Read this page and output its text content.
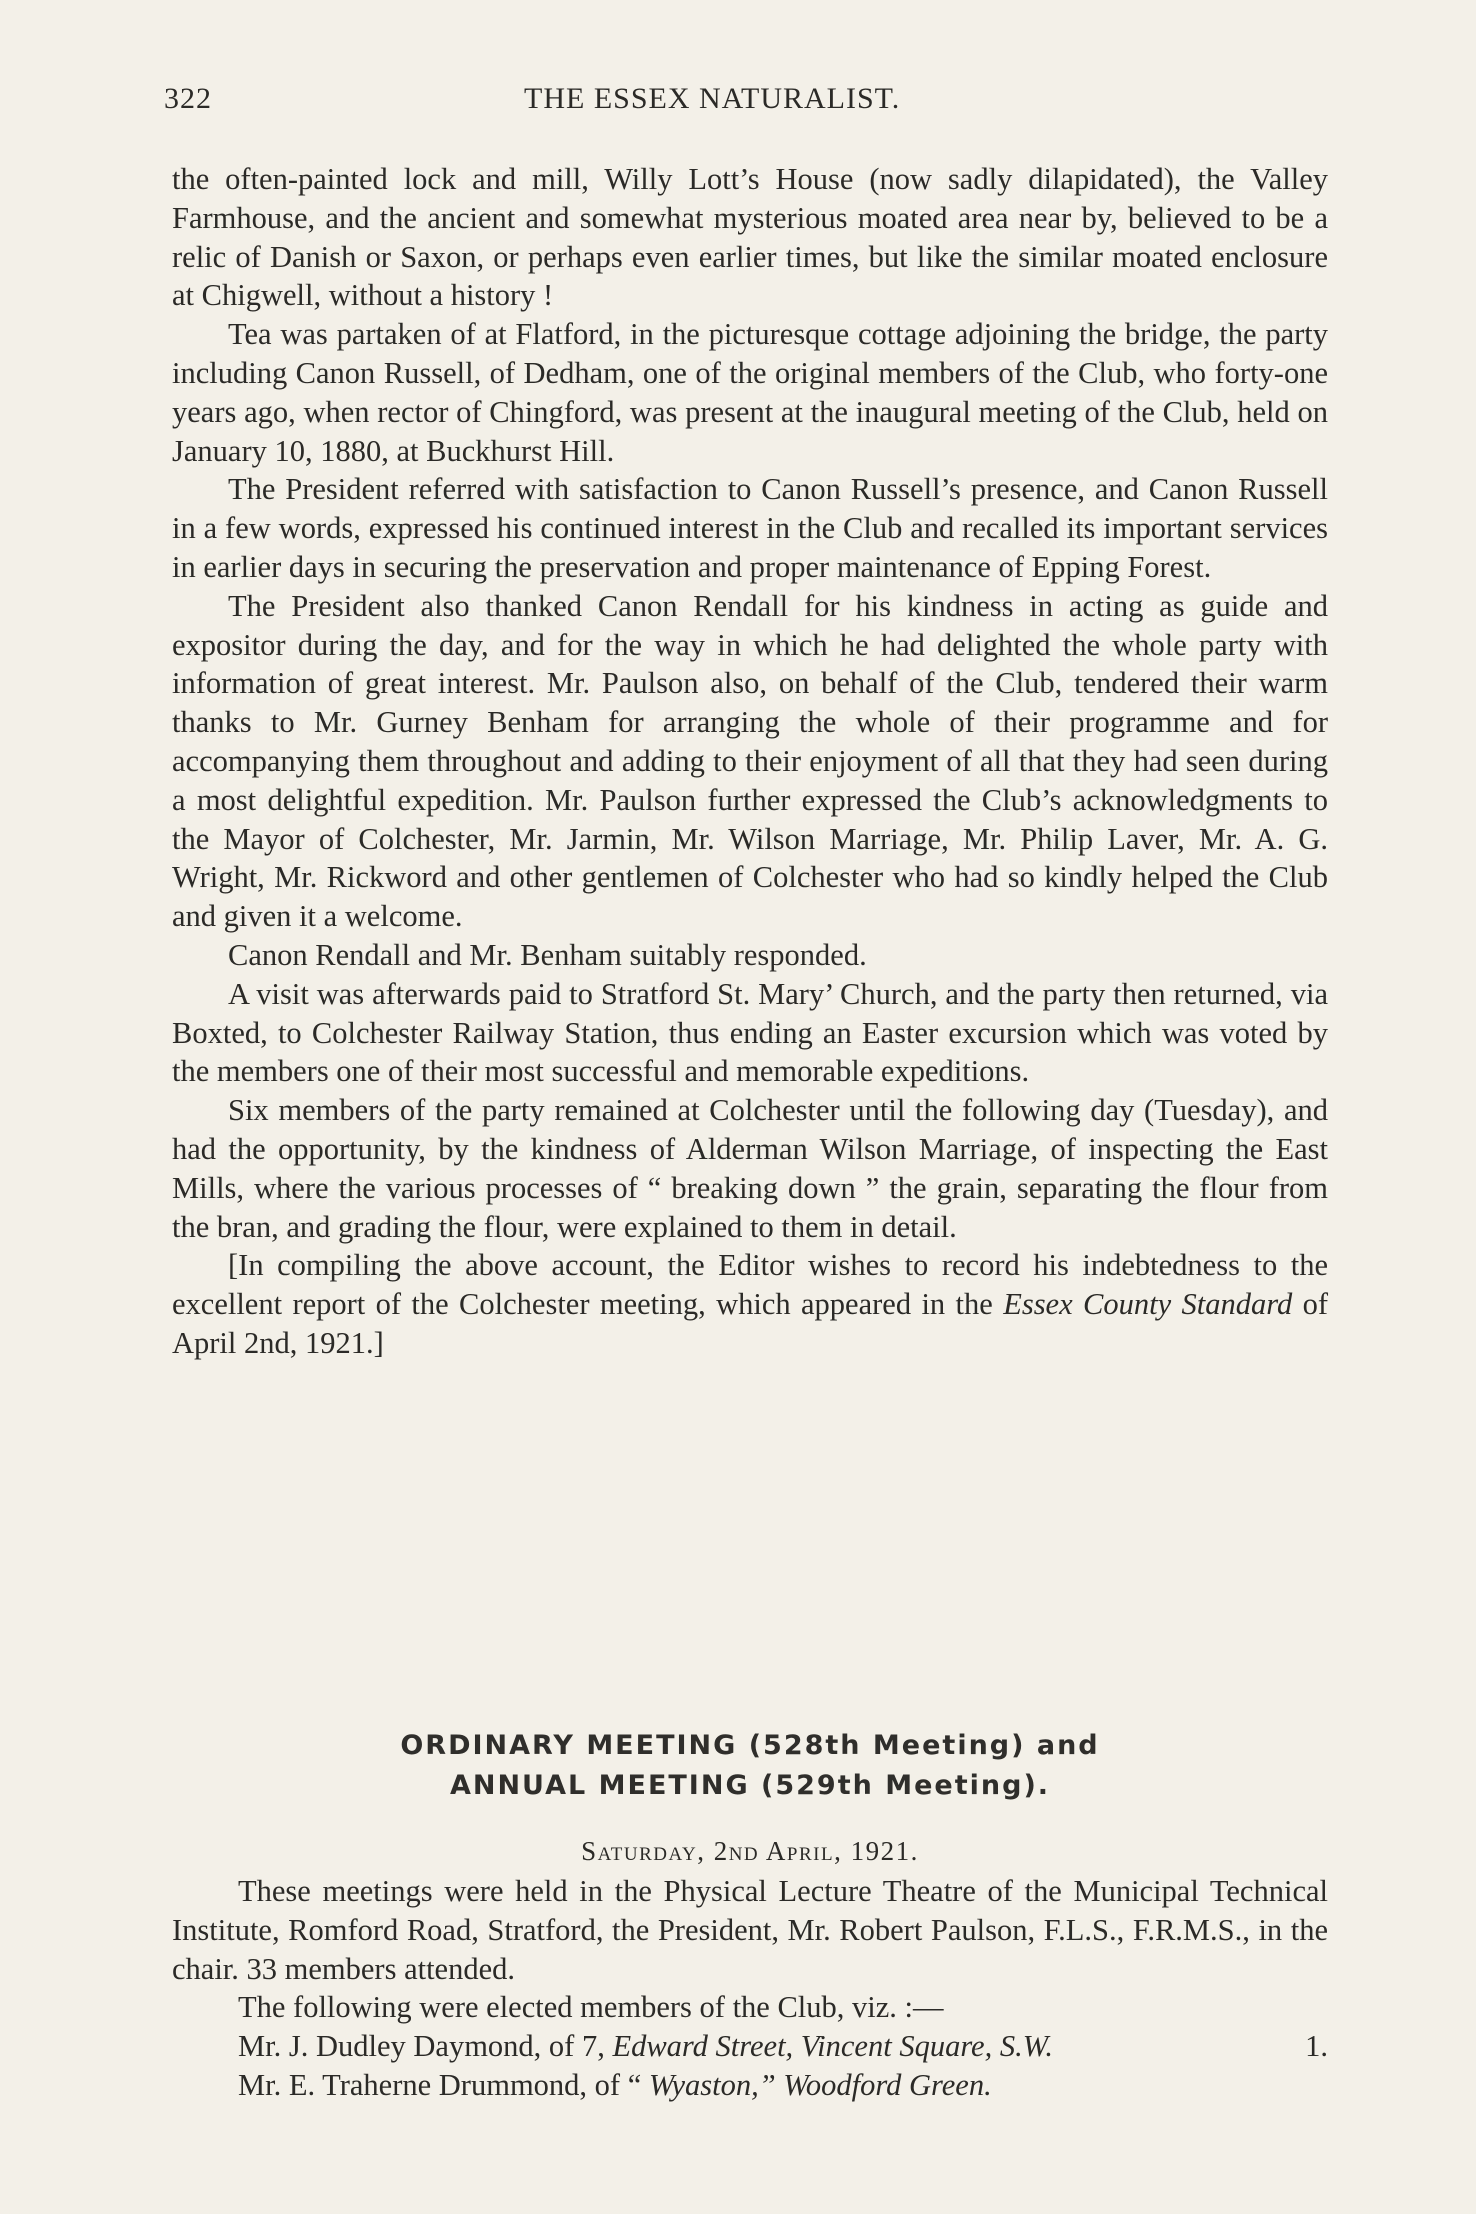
322	THE ESSEX NATURALIST.

the often-painted lock and mill, Willy Lott’s House (now sadly dilapidated), the Valley Farmhouse, and the ancient and somewhat mysterious moated area near by, believed to be a relic of Danish or Saxon, or perhaps even earlier times, but like the similar moated enclosure at Chigwell, without a history !

Tea was partaken of at Flatford, in the picturesque cottage adjoining the bridge, the party including Canon Russell, of Dedham, one of the original members of the Club, who forty-one years ago, when rector of Chingford, was present at the inaugural meeting of the Club, held on January 10, 1880, at Buckhurst Hill.

The President referred with satisfaction to Canon Russell’s presence, and Canon Russell in a few words, expressed his continued interest in the Club and recalled its important services in earlier days in securing the preservation and proper maintenance of Epping Forest.

The President also thanked Canon Rendall for his kindness in acting as guide and expositor during the day, and for the way in which he had delighted the whole party with information of great interest. Mr. Paulson also, on behalf of the Club, tendered their warm thanks to Mr. Gurney Benham for arranging the whole of their programme and for accompanying them throughout and adding to their enjoyment of all that they had seen during a most delightful expedition. Mr. Paulson further expressed the Club’s acknowledgments to the Mayor of Colchester, Mr. Jarmin, Mr. Wilson Marriage, Mr. Philip Laver, Mr. A. G. Wright, Mr. Rickword and other gentlemen of Colchester who had so kindly helped the Club and given it a welcome.

Canon Rendall and Mr. Benham suitably responded.

A visit was afterwards paid to Stratford St. Mary’ Church, and the party then returned, via Boxted, to Colchester Railway Station, thus ending an Easter excursion which was voted by the members one of their most successful and memorable expeditions.

Six members of the party remained at Colchester until the following day (Tuesday), and had the opportunity, by the kindness of Alderman Wilson Marriage, of inspecting the East Mills, where the various processes of “ breaking down ” the grain, separating the flour from the bran, and grading the flour, were explained to them in detail.

[In compiling the above account, the Editor wishes to record his indebtedness to the excellent report of the Colchester meeting, which appeared in the Essex County Standard of April 2nd, 1921.]

ORDINARY MEETING (528th Meeting) and
ANNUAL MEETING (529th Meeting).
Saturday, 2nd April, 1921.

These meetings were held in the Physical Lecture Theatre of the Municipal Technical Institute, Romford Road, Stratford, the President, Mr. Robert Paulson, F.L.S., F.R.M.S., in the chair. 33 members attended.

The following were elected members of the Club, viz. :—

Mr. J. Dudley Daymond, of 7, Edward Street, Vincent Square, S.W.	1.
Mr. E. Traherne Drummond, of “ Wyaston,” Woodford Green.
